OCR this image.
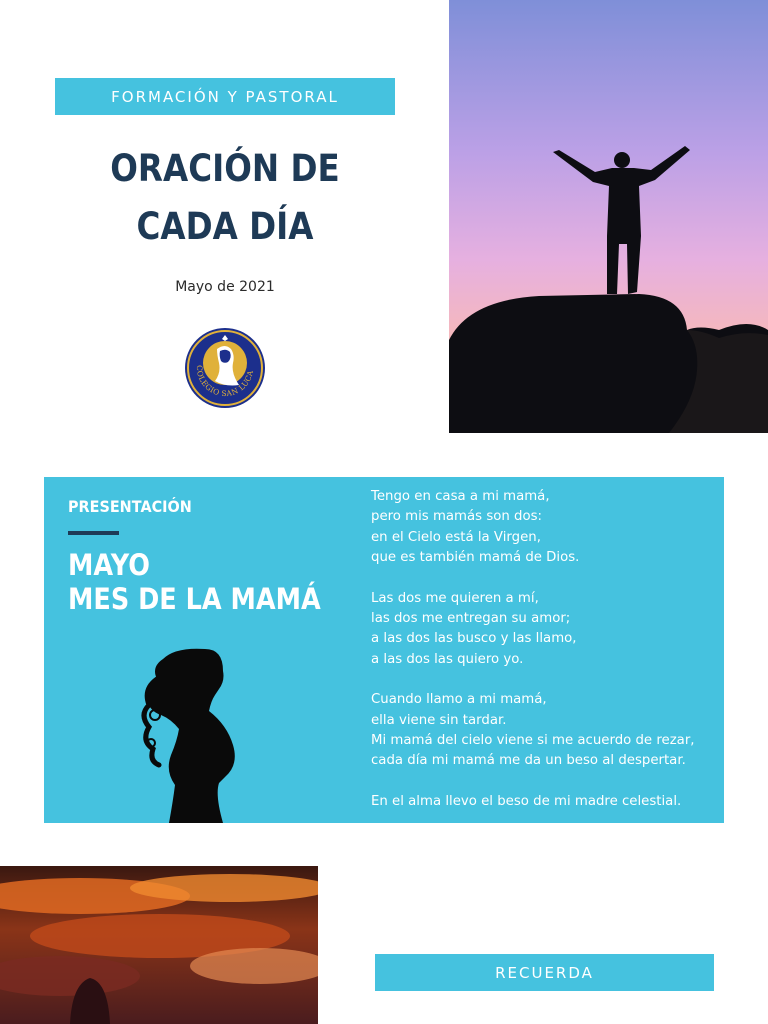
FORMACIÓN Y PASTORAL
ORACIÓN DE
CADA DÍA
Mayo de 2021
COLEGIO SAN LUCA
PRESENTACIÓN
MAYO
MES DE LA MAMÁ
Tengo en casa a mi mamá,
pero mis mamás son dos:
en el Cielo está la Virgen,
que es también mamá de Dios.
Las dos me quieren a mí,
las dos me entregan su amor;
a las dos las busco y las llamo,
a las dos las quiero yo.
Cuando llamo a mi mamá,
ella viene sin tardar.
Mi mamá del cielo viene si me acuerdo de rezar,
cada día mi mamá me da un beso al despertar.
En el alma llevo el beso de mi madre celestial.
RECUERDA
